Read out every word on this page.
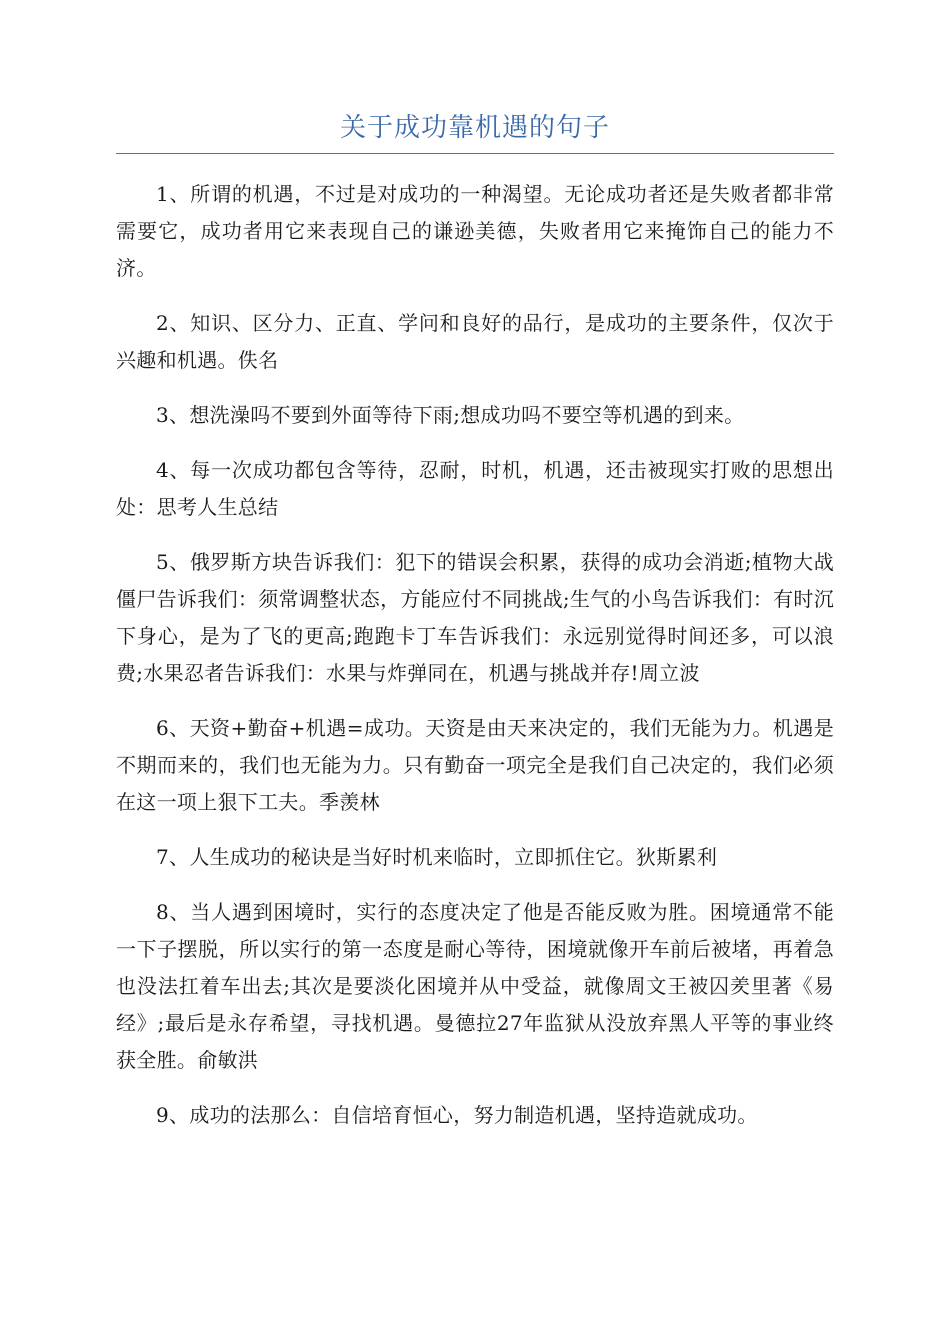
关于成功靠机遇的句子

1、所谓的机遇，不过是对成功的一种渴望。无论成功者还是失败者都非常需要它，成功者用它来表现自己的谦逊美德，失败者用它来掩饰自己的能力不济。

2、知识、区分力、正直、学问和良好的品行，是成功的主要条件，仅次于兴趣和机遇。佚名

3、想洗澡吗不要到外面等待下雨;想成功吗不要空等机遇的到来。

4、每一次成功都包含等待，忍耐，时机，机遇，还击被现实打败的思想出处：思考人生总结

5、俄罗斯方块告诉我们：犯下的错误会积累，获得的成功会消逝;植物大战僵尸告诉我们：须常调整状态，方能应付不同挑战;生气的小鸟告诉我们：有时沉下身心，是为了飞的更高;跑跑卡丁车告诉我们：永远别觉得时间还多，可以浪费;水果忍者告诉我们：水果与炸弹同在，机遇与挑战并存!周立波

6、天资+勤奋+机遇=成功。天资是由天来决定的，我们无能为力。机遇是不期而来的，我们也无能为力。只有勤奋一项完全是我们自己决定的，我们必须在这一项上狠下工夫。季羡林

7、人生成功的秘诀是当好时机来临时，立即抓住它。狄斯累利

8、当人遇到困境时，实行的态度决定了他是否能反败为胜。困境通常不能一下子摆脱，所以实行的第一态度是耐心等待，困境就像开车前后被堵，再着急也没法扛着车出去;其次是要淡化困境并从中受益，就像周文王被囚羑里著《易经》;最后是永存希望，寻找机遇。曼德拉27年监狱从没放弃黑人平等的事业终获全胜。俞敏洪

9、成功的法那么：自信培育恒心，努力制造机遇，坚持造就成功。
